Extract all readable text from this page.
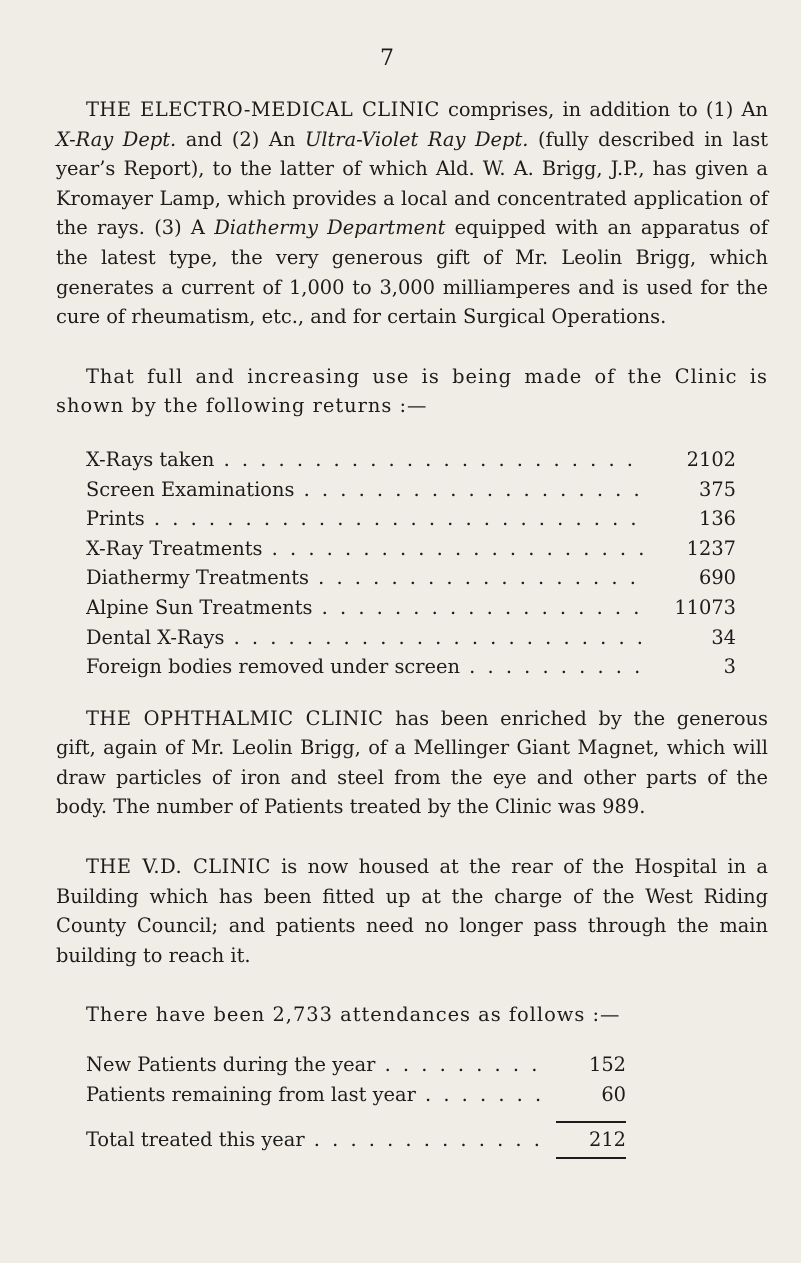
7

THE ELECTRO-MEDICAL CLINIC comprises, in addition to (1) An X-Ray Dept. and (2) An Ultra-Violet Ray Dept. (fully described in last year’s Report), to the latter of which Ald. W. A. Brigg, J.P., has given a Kromayer Lamp, which provides a local and concentrated application of the rays. (3) A Diathermy Department equipped with an apparatus of the latest type, the very generous gift of Mr. Leolin Brigg, which generates a current of 1,000 to 3,000 milliamperes and is used for the cure of rheumatism, etc., and for certain Surgical Operations.

That full and increasing use is being made of the Clinic is shown by the following returns :—

X-Rays taken . . .	2102
Screen Examinations . . .	375
Prints . . .	136
X-Ray Treatments . . .	1237
Diathermy Treatments . . .	690
Alpine Sun Treatments . . .	11073
Dental X-Rays . . .	34
Foreign bodies removed under screen . . .	3

THE OPHTHALMIC CLINIC has been enriched by the generous gift, again of Mr. Leolin Brigg, of a Mellinger Giant Magnet, which will draw particles of iron and steel from the eye and other parts of the body. The number of Patients treated by the Clinic was 989.

THE V.D. CLINIC is now housed at the rear of the Hospital in a Building which has been fitted up at the charge of the West Riding County Council; and patients need no longer pass through the main building to reach it.

There have been 2,733 attendances as follows :—

New Patients during the year . . .	152
Patients remaining from last year . . .	60
Total treated this year . . .	212
